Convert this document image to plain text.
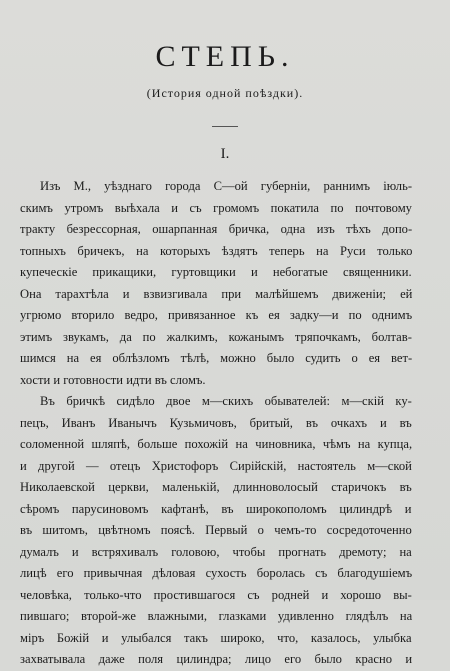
СТЕПЬ.
(История одной поѣздки).
I.
Изъ М., уѣзднаго города С—ой губерніи, раннимъ іюль-
скимъ утромъ выѣхала и съ громомъ покатила по почтовому
тракту безрессорная, ошарпанная бричка, одна изъ тѣхъ допо-
топныхъ бричекъ, на которыхъ ѣздятъ теперь на Руси только
купеческіе прикащики, гуртовщики и небогатые священники.
Она тарахтѣла и взвизгивала при малѣйшемъ движеніи; ей
угрюмо вторило ведро, привязанное къ ея задку—и по однимъ
этимъ звукамъ, да по жалкимъ, кожанымъ тряпочкамъ, болтав-
шимся на ея облѣзломъ тѣлѣ, можно было судить о ея вет-
хости и готовности идти въ сломъ.
Въ бричкѣ сидѣло двое м—скихъ обывателей: м—скій ку-
пецъ, Иванъ Иванычъ Кузьмичовъ, бритый, въ очкахъ и въ
соломенной шляпѣ, больше похожій на чиновника, чѣмъ на купца,
и другой — отецъ Христофоръ Сирійскій, настоятель м—ской
Николаевской церкви, маленькій, длинноволосый старичокъ въ
сѣромъ парусиновомъ кафтанѣ, въ широкополомъ цилиндрѣ и
въ шитомъ, цвѣтномъ поясѣ. Первый о чемъ-то сосредоточенно
думалъ и встряхивалъ головою, чтобы прогнать дремоту; на
лицѣ его привычная дѣловая сухость боролась съ благодушіемъ
человѣка, только-что простившагося съ родней и хорошо вы-
пившаго; второй-же влажными, глазками удивленно глядѣлъ на
міръ Божій и улыбался такъ широко, что, казалось, улыбка
захватывала даже поля цилиндра; лицо его было красно и
